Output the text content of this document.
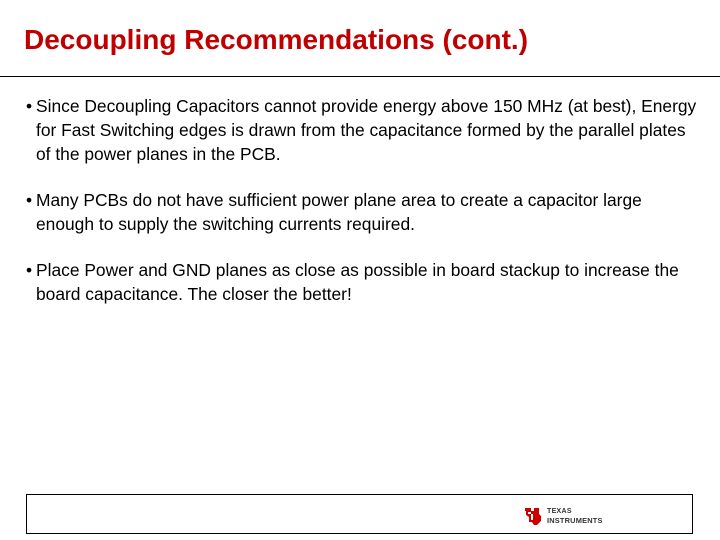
Decoupling Recommendations (cont.)
• Since Decoupling Capacitors cannot provide energy above 150 MHz (at best), Energy for Fast Switching edges is drawn from the capacitance formed by the parallel plates of the power planes in the PCB.
• Many PCBs do not have sufficient power plane area to create a capacitor large enough to supply the switching currents required.
• Place Power and GND planes as close as possible in board stackup to increase the board capacitance. The closer the better!
TEXAS
INSTRUMENTS
